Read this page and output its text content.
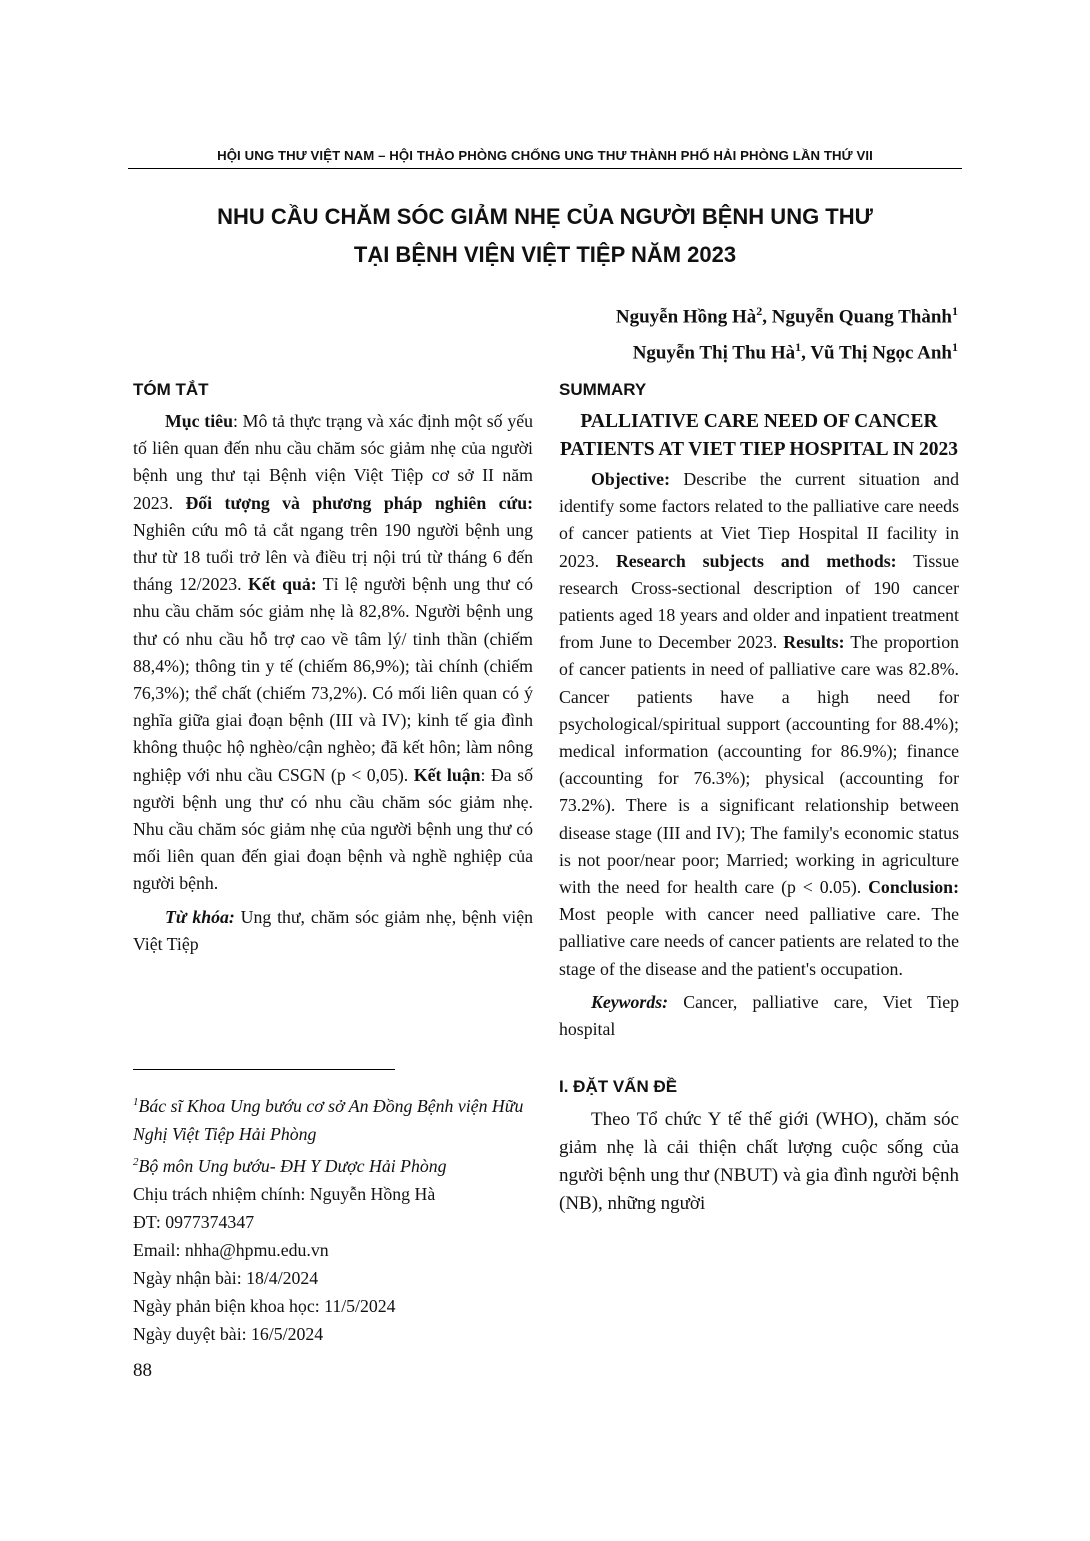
HỘI UNG THƯ VIỆT NAM – HỘI THẢO PHÒNG CHỐNG UNG THƯ THÀNH PHỐ HẢI PHÒNG LẦN THỨ VII
NHU CẦU CHĂM SÓC GIẢM NHẸ CỦA NGƯỜI BỆNH UNG THƯ
TẠI BỆNH VIỆN VIỆT TIỆP NĂM 2023
Nguyễn Hồng $Hà^2$, Nguyễn Quang Thành$^1$
Nguyễn Thị Thu $Hà^1$, Vũ Thị Ngọc Anh$^1$
TÓM TẮT

Mục tiêu: Mô tả thực trạng và xác định một số yếu tố liên quan đến nhu cầu chăm sóc giảm nhẹ của người bệnh ung thư tại Bệnh viện Việt Tiệp cơ sở II năm 2023. Đối tượng và phương pháp nghiên cứu: Nghiên cứu mô tả cắt ngang trên 190 người bệnh ung thư từ 18 tuổi trở lên và điều trị nội trú từ tháng 6 đến tháng 12/2023. Kết quả: Tỉ lệ người bệnh ung thư có nhu cầu chăm sóc giảm nhẹ là 82,8%. Người bệnh ung thư có nhu cầu hỗ trợ cao về tâm lý/ tinh thần (chiếm 88,4%); thông tin y tế (chiếm 86,9%); tài chính (chiếm 76,3%); thể chất (chiếm 73,2%). Có mối liên quan có ý nghĩa giữa giai đoạn bệnh (III và IV); kinh tế gia đình không thuộc hộ nghèo/cận nghèo; đã kết hôn; làm nông nghiệp với nhu cầu CSGN (p < 0,05). Kết luận: Đa số người bệnh ung thư có nhu cầu chăm sóc giảm nhẹ. Nhu cầu chăm sóc giảm nhẹ của người bệnh ung thư có mối liên quan đến giai đoạn bệnh và nghề nghiệp của người bệnh.

Từ khóa: Ung thư, chăm sóc giảm nhẹ, bệnh viện Việt Tiệp

$^1$Bác sĩ Khoa Ung bướu cơ sở An Đồng Bệnh viện Hữu Nghị Việt Tiệp Hải Phòng
$^2$Bộ môn Ung bướu- ĐH Y Dược Hải Phòng
Chịu trách nhiệm chính: Nguyễn Hồng Hà
ĐT: 0977374347
Email: nhha@hpmu.edu.vn
Ngày nhận bài: 18/4/2024
Ngày phản biện khoa học: 11/5/2024
Ngày duyệt bài: 16/5/2024
SUMMARY
PALLIATIVE CARE NEED OF CANCER PATIENTS AT VIET TIEP HOSPITAL IN 2023

Objective: Describe the current situation and identify some factors related to the palliative care needs of cancer patients at Viet Tiep Hospital II facility in 2023. Research subjects and methods: Tissue research Cross-sectional description of 190 cancer patients aged 18 years and older and inpatient treatment from June to December 2023. Results: The proportion of cancer patients in need of palliative care was 82.8%. Cancer patients have a high need for psychological/spiritual support (accounting for 88.4%); medical information (accounting for 86.9%); finance (accounting for 76.3%); physical (accounting for 73.2%). There is a significant relationship between disease stage (III and IV); The family's economic status is not poor/near poor; Married; working in agriculture with the need for health care (p < 0.05). Conclusion: Most people with cancer need palliative care. The palliative care needs of cancer patients are related to the stage of the disease and the patient's occupation.

Keywords: Cancer, palliative care, Viet Tiep hospital

I. ĐẶT VẤN ĐỀ

Theo Tổ chức Y tế thế giới (WHO), chăm sóc giảm nhẹ là cải thiện chất lượng cuộc sống của người bệnh ung thư (NBUT) và gia đình người bệnh (NB), những người

88
